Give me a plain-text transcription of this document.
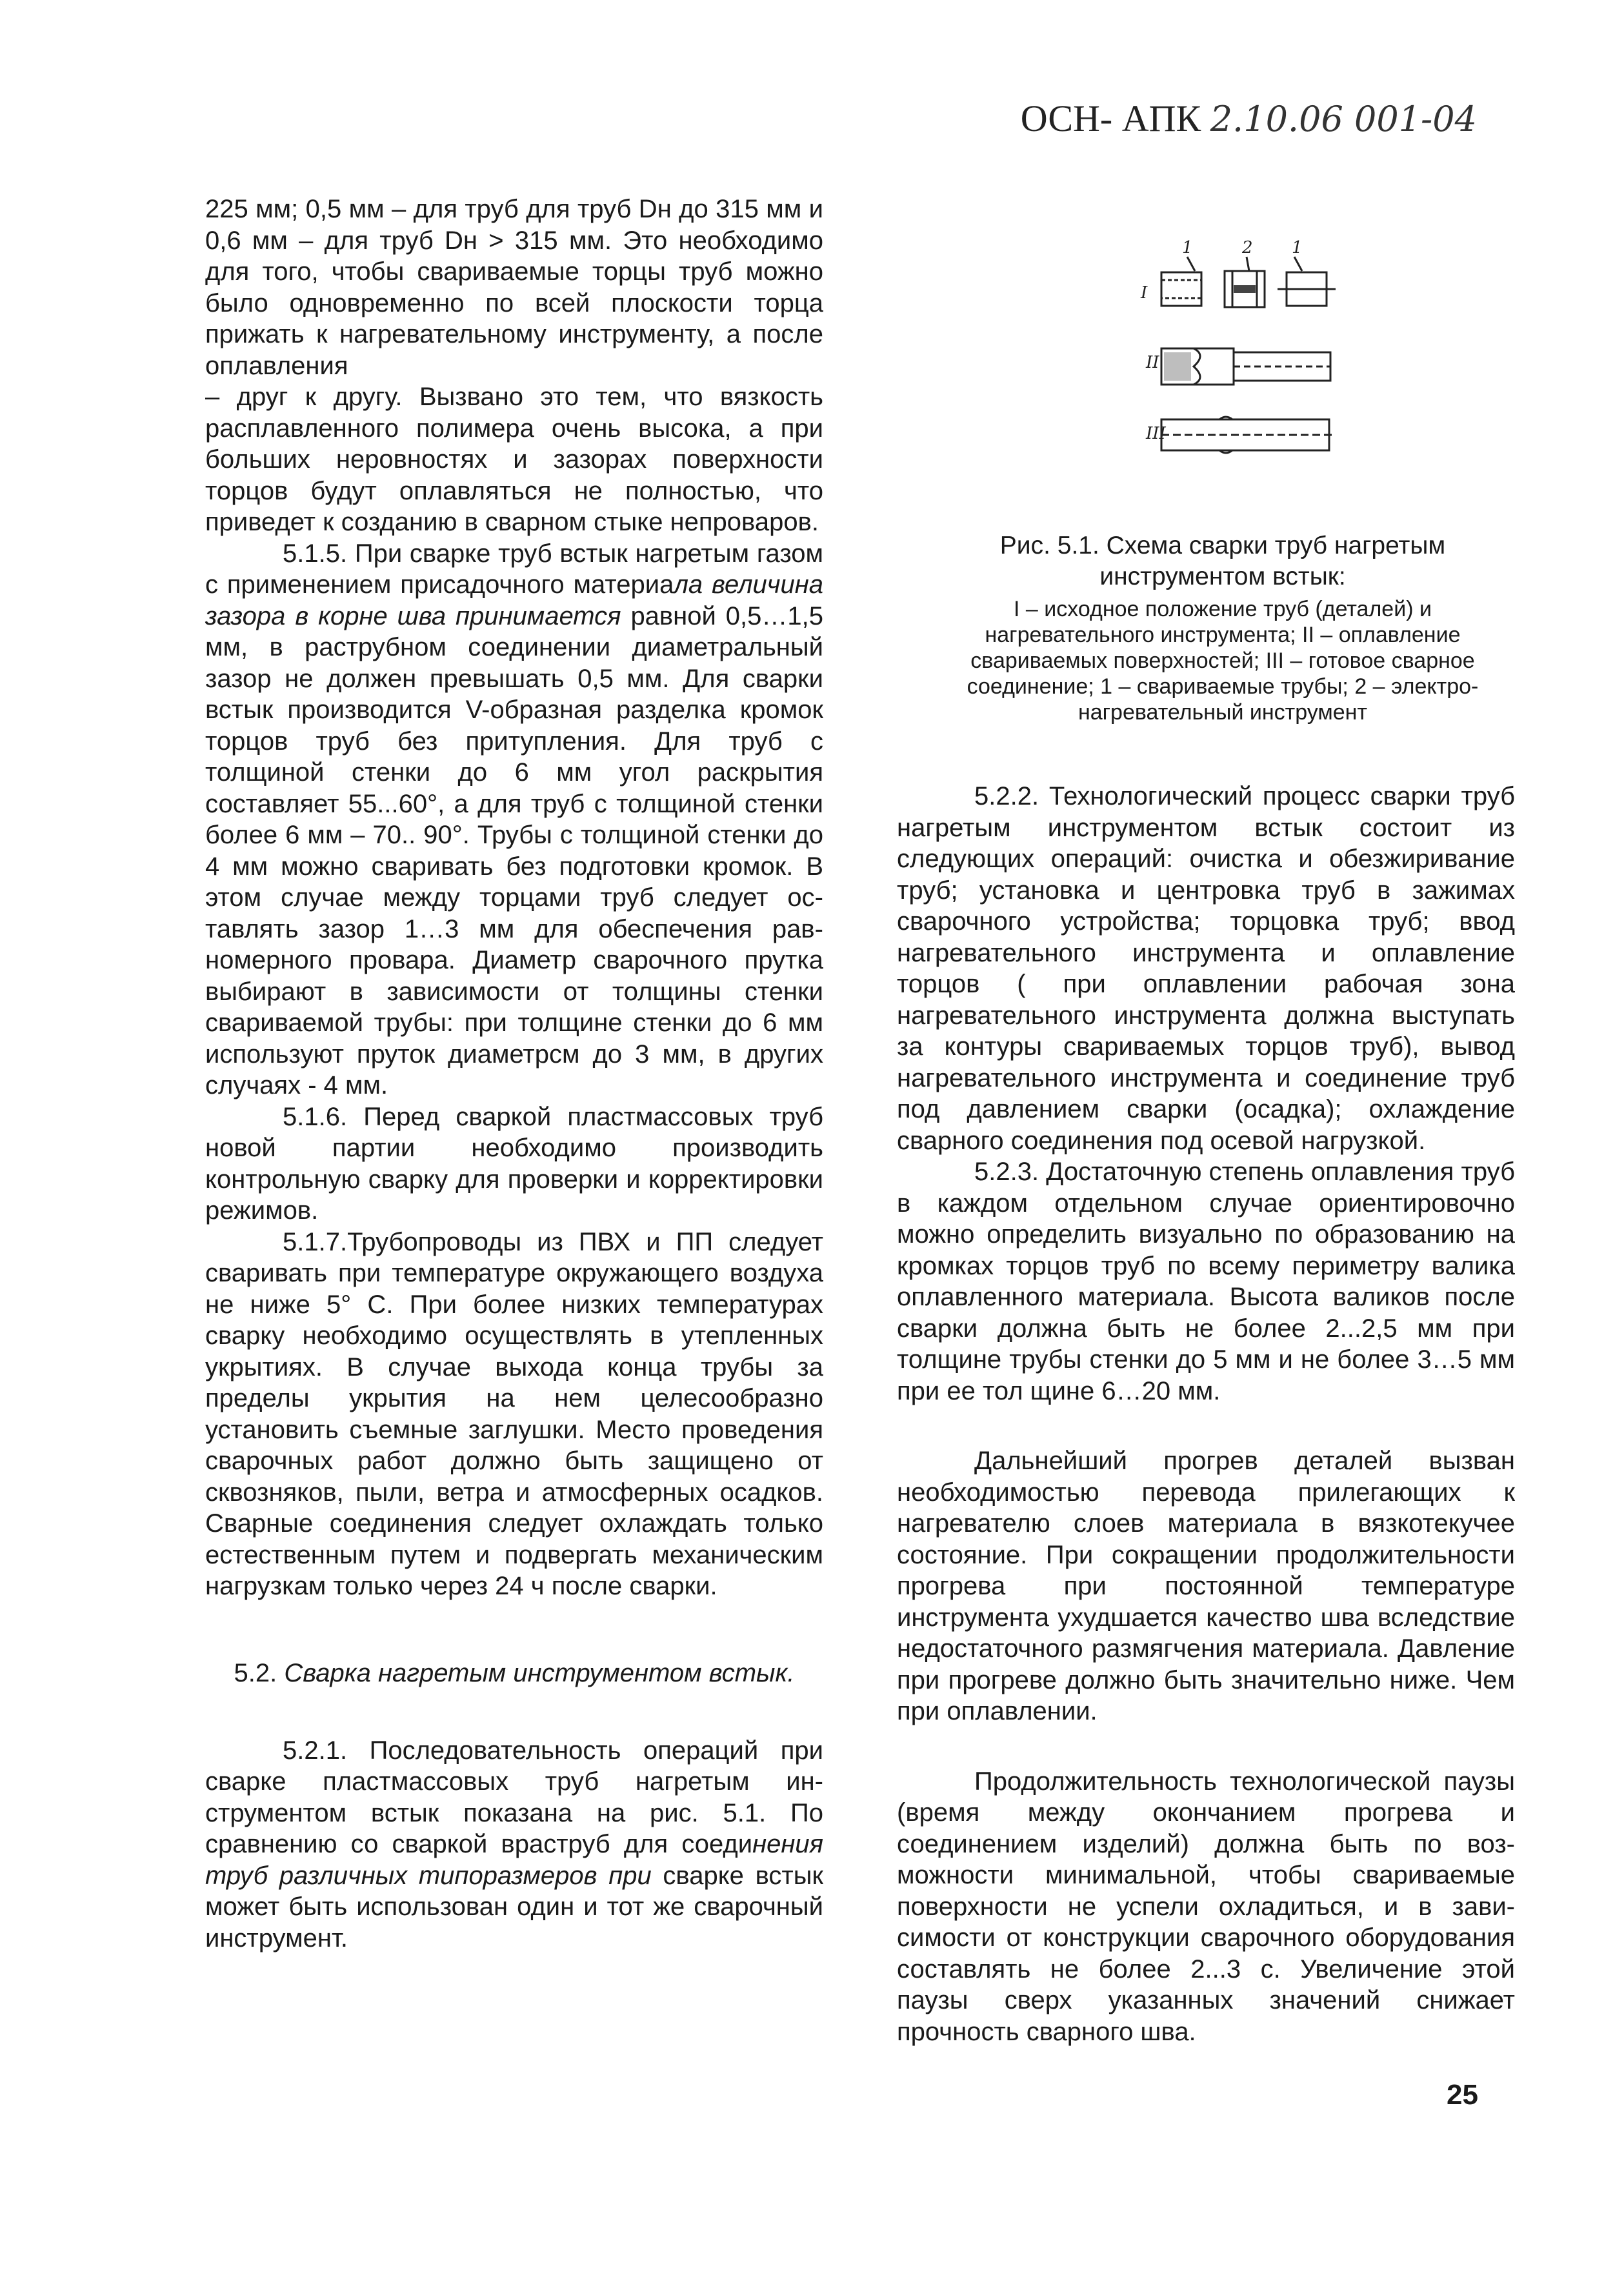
ОСН- АПК 2.10.06 001-04

225 мм; 0,5 мм – для труб для труб Dн до 315 мм и 0,6 мм – для труб Dн > 315 мм. Это необходимо для того, чтобы свариваемые торцы труб можно было одновременно по всей плоскости торца прижать к нагревательному инструменту, а после оплавления

– друг к другу. Вызвано это тем, что вязкость расплавленного полимера очень высока, а при больших неровностях и зазорах поверхности торцов будут оплавляться не полностью, что приведет к созданию в сварном стыке непроваров.

5.1.5. При сварке труб встык нагретым газом с применением присадочного материала величина зазора в корне шва принимается равной 0,5…1,5 мм, в раструбном соединении диаметральный зазор не должен превышать 0,5 мм. Для сварки встык производится V-образная разделка кромок торцов труб без притупления. Для труб с толщиной стенки до 6 мм угол раскрытия составляет 55...60°, а для труб с толщиной стенки более 6 мм – 70.. 90°. Трубы с толщиной стенки до 4 мм можно сваривать без подготовки кромок. В этом случае между торцами труб следует оставлять зазор 1…3 мм для обеспечения равномерного провара. Диаметр сварочного прутка выбирают в зависимости от толщины стенки свариваемой трубы: при толщине стенки до 6 мм используют пруток диаметрсм до 3 мм, в других случаях - 4 мм.

5.1.6. Перед сваркой пластмассовых труб новой партии необходимо производить контрольную сварку для проверки и корректировки режимов.

5.1.7.Трубопроводы из ПВХ и ПП следует сваривать при температуре окружающего воздуха не ниже 5° С. При более низких температурах сварку необходимо осуществлять в утепленных укрытиях. В случае выхода конца трубы за пределы укрытия на нем целесообразно установить съемные заглушки. Место проведения сварочных работ должно быть защищено от сквозняков, пыли, ветра и атмосферных осадков. Сварные соединения следует охлаждать только естественным путем и подвергать механическим нагрузкам только через 24 ч после сварки.

5.2. Сварка нагретым инструментом встык.

5.2.1. Последовательность операций при сварке пластмассовых труб нагретым инструментом встык показана на рис. 5.1. По сравнению со сваркой враструб для соединения труб различных типоразмеров при сварке встык может быть использован один и тот же сварочный инструмент.

1	2 1
I
II
III
Рис. 5.1. Схема сварки труб нагретым инструментом встык:
I – исходное положение труб (деталей) и нагревательного инструмента; II – оплавление свариваемых поверхностей; III – готовое сварное соединение; 1 – свариваемые трубы; 2 – электронагревательный инструмент

5.2.2. Технологический процесс сварки труб нагретым инструментом встык состоит из следующих операций: очистка и обезжиривание труб; установка и центровка труб в зажимах сварочного устройства; торцовка труб; ввод нагревательного инструмента и оплавление торцов ( при оплавлении рабочая зона нагревательного инструмента должна выступать за контуры свариваемых торцов труб), вывод нагревательного инструмента и соединение труб под давлением сварки (осадка); охлаждение сварного соединения под осевой нагрузкой.

5.2.3. Достаточную степень оплавления труб в каждом отдельном случае ориентировочно можно определить визуально по образованию на кромках торцов труб по всему периметру валика оплавленного материала. Высота валиков после сварки должна быть не более 2...2,5 мм при толщине трубы стенки до 5 мм и не более 3…5 мм при ее тол щине 6…20 мм.

Дальнейший прогрев деталей вызван необходимостью перевода прилегающих к нагревателю слоев материала в вязкотекучее состояние. При сокращении продолжительности прогрева при постоянной температуре инструмента ухудшается качество шва вследствие недостаточного размягчения материала. Давление при прогреве должно быть значительно ниже. Чем при оплавлении.

Продолжительность технологической паузы (время между окончанием прогрева и соединением изделий) должна быть по возможности минимальной, чтобы свариваемые поверхности не успели охладиться, и в зависимости от конструкции сварочного оборудования составлять не более 2...3 с. Увеличение этой паузы сверх указанных значений снижает прочность сварного шва.

25
